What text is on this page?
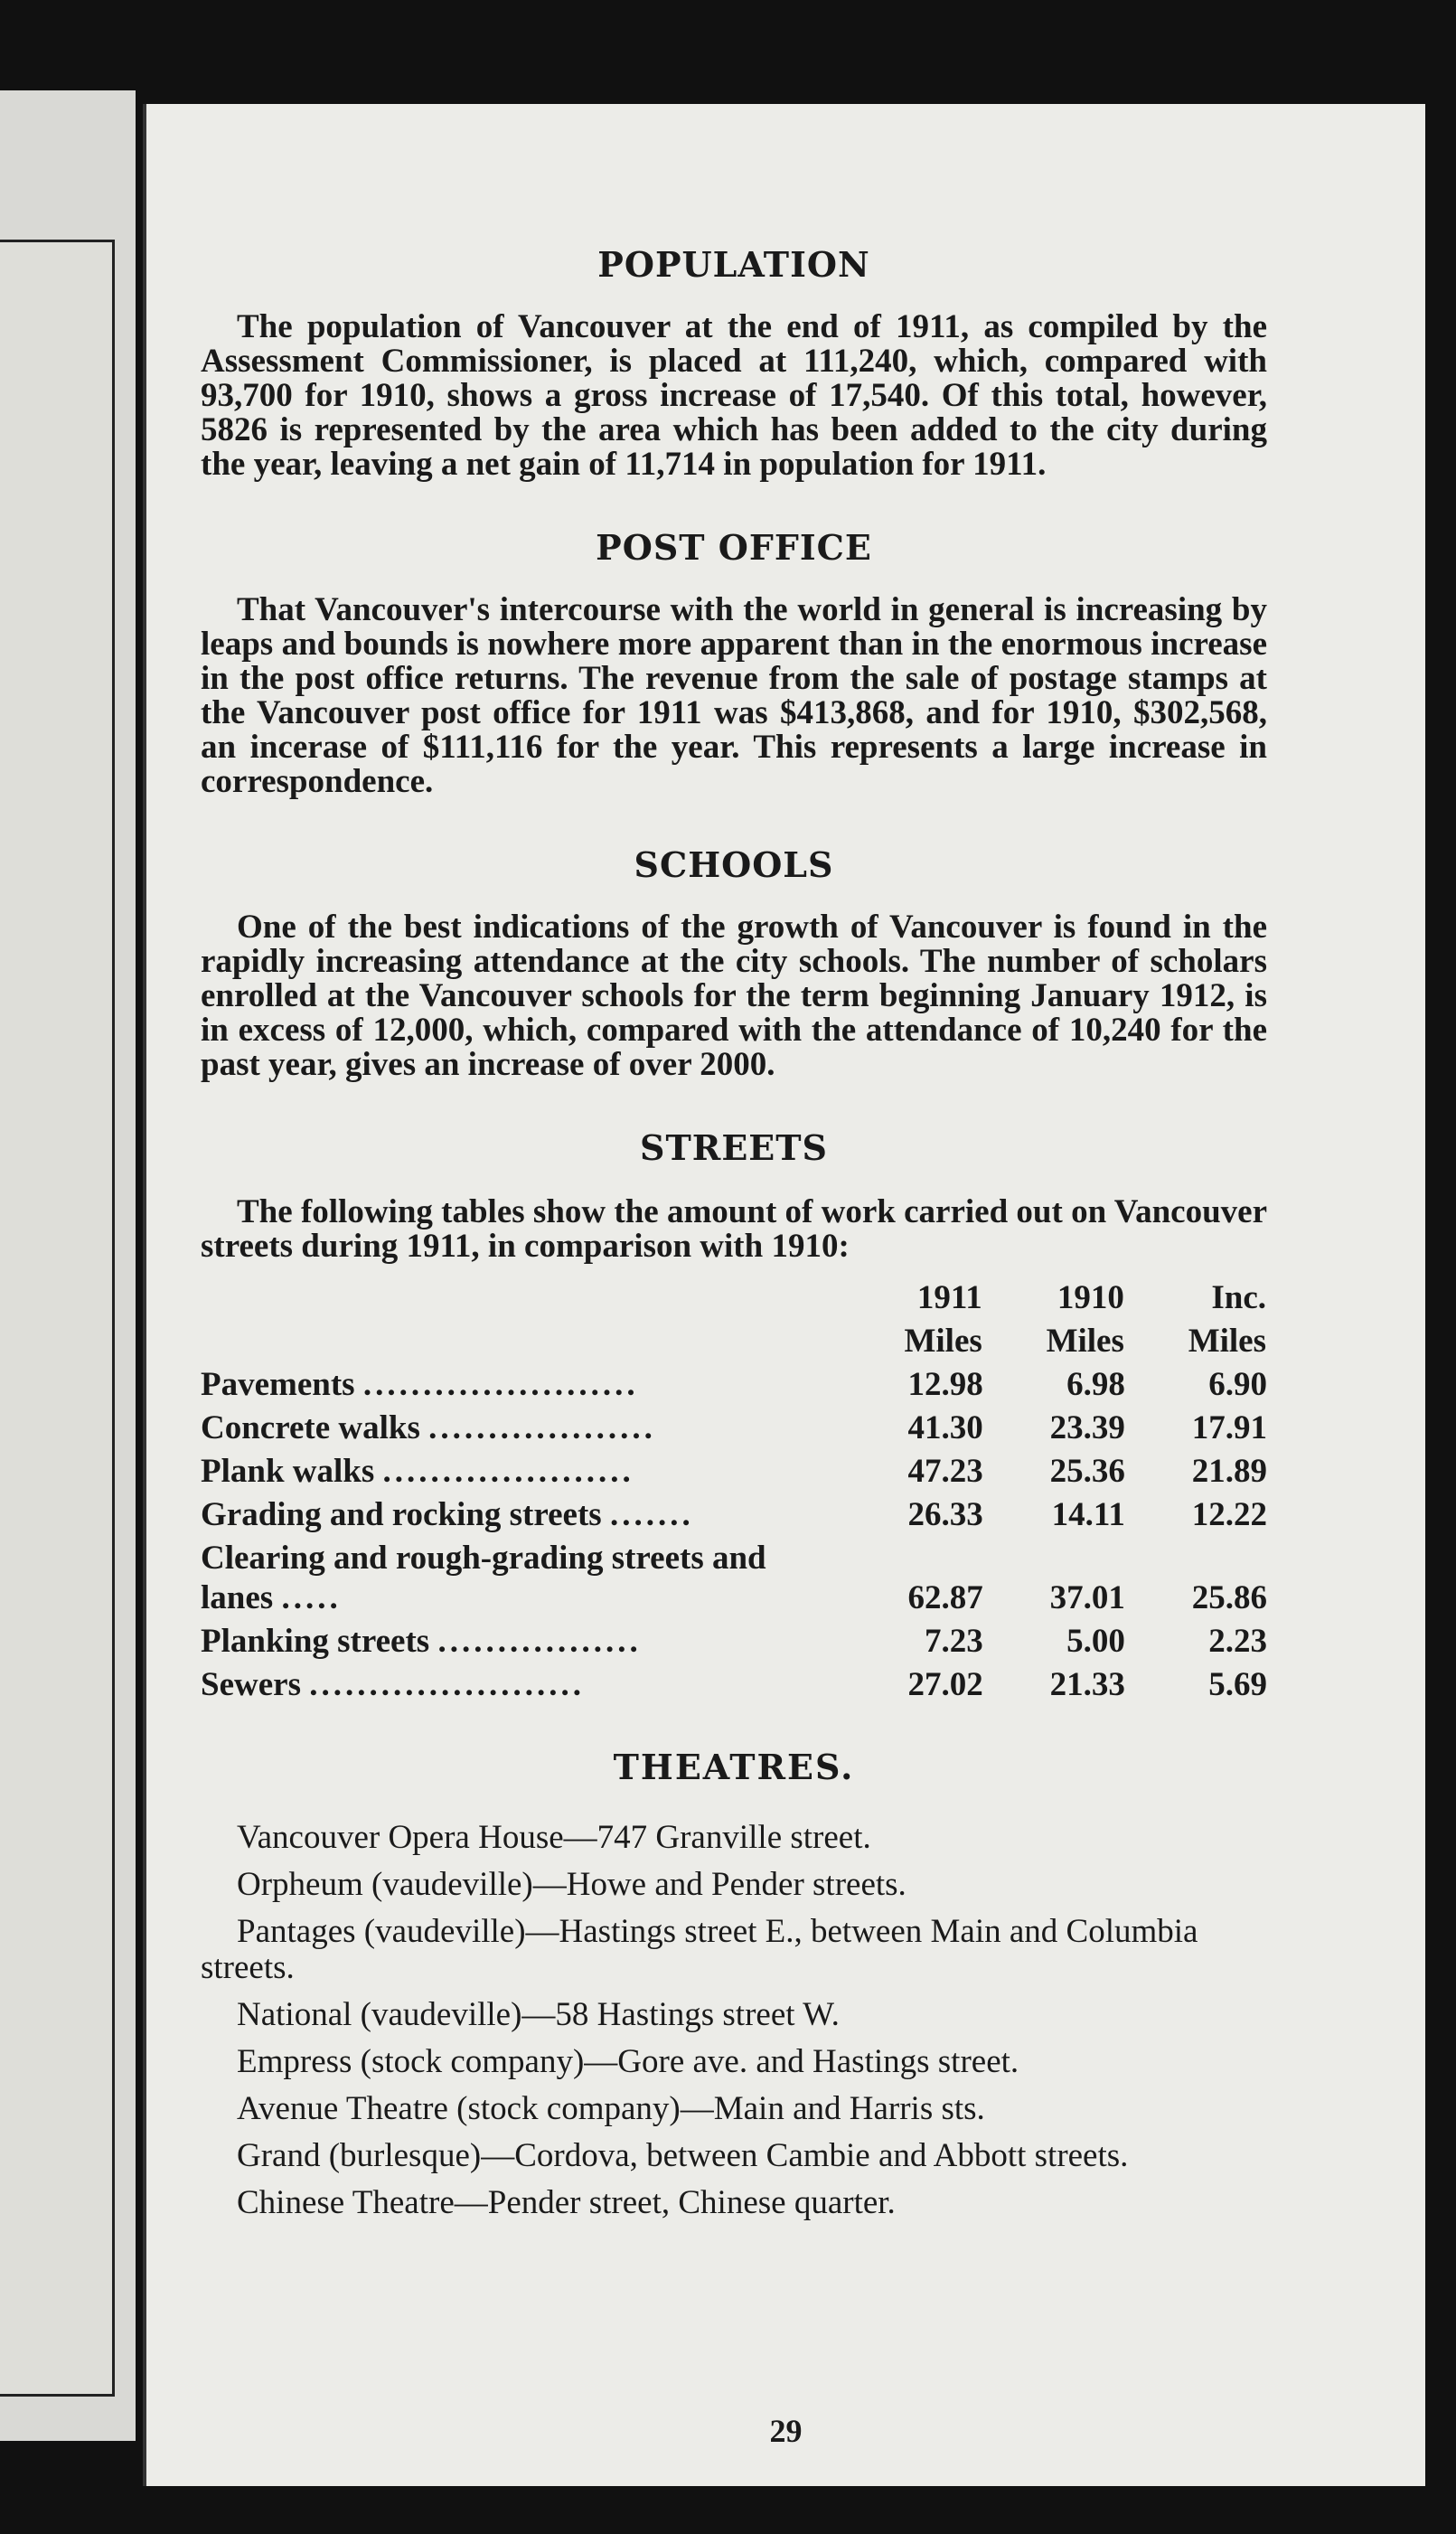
POPULATION

The population of Vancouver at the end of 1911, as compiled by the Assessment Commissioner, is placed at 111,240, which, compared with 93,700 for 1910, shows a gross increase of 17,540. Of this total, however, 5826 is represented by the area which has been added to the city during the year, leaving a net gain of 11,714 in population for 1911.

POST OFFICE

That Vancouver's intercourse with the world in general is increasing by leaps and bounds is nowhere more apparent than in the enormous increase in the post office returns. The revenue from the sale of postage stamps at the Vancouver post office for 1911 was $413,868, and for 1910, $302,568, an incerase of $111,116 for the year. This represents a large increase in correspondence.

SCHOOLS

One of the best indications of the growth of Vancouver is found in the rapidly increasing attendance at the city schools. The number of scholars enrolled at the Vancouver schools for the term beginning January 1912, is in excess of 12,000, which, compared with the attendance of 10,240 for the past year, gives an increase of over 2000.

STREETS

The following tables show the amount of work carried out on Vancouver streets during 1911, in comparison with 1910:

	1911	1910	Inc.
	Miles	Miles	Miles
Pavements .......................	12.98	6.98	6.90
Concrete walks ...................	41.30	23.39	17.91
Plank walks .....................	47.23	25.36	21.89
Grading and rocking streets .......	26.33	14.11	12.22
Clearing and rough-grading streets and lanes .....	62.87	37.01	25.86
Planking streets .................	7.23	5.00	2.23
Sewers .......................	27.02	21.33	5.69
THEATRES.

Vancouver Opera House—747 Granville street.

Orpheum (vaudeville)—Howe and Pender streets.

Pantages (vaudeville)—Hastings street E., between Main and Columbia streets.

National (vaudeville)—58 Hastings street W.

Empress (stock company)—Gore ave. and Hastings street.

Avenue Theatre (stock company)—Main and Harris sts.

Grand (burlesque)—Cordova, between Cambie and Abbott streets.

Chinese Theatre—Pender street, Chinese quarter.

29
